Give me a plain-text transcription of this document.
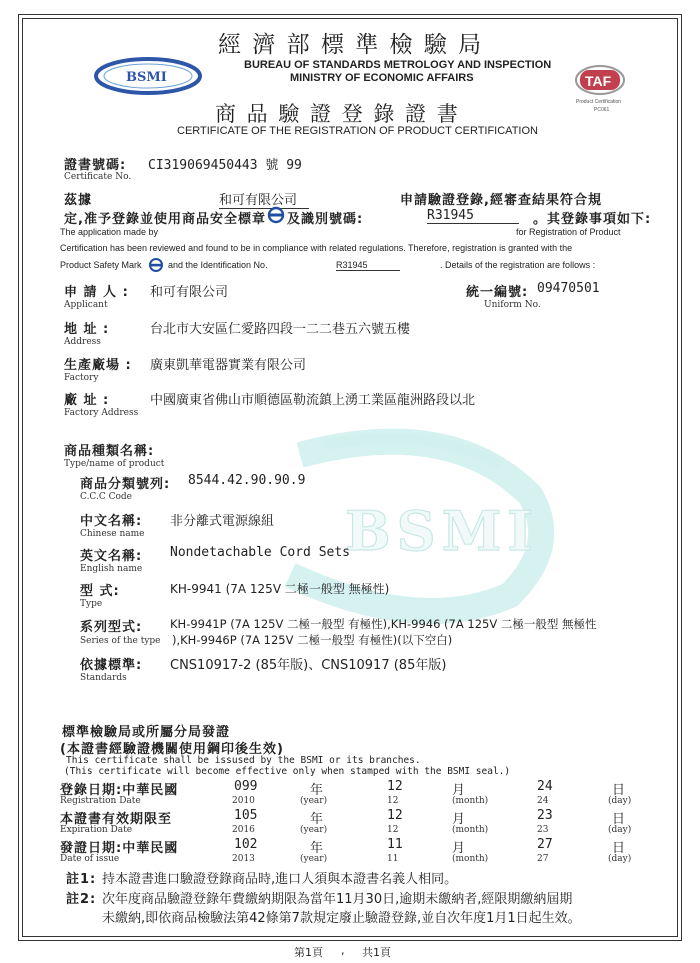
BSMI
經 濟 部 標 準 檢 驗 局
BUREAU OF STANDARDS METROLOGY AND INSPECTION
MINISTRY OF ECONOMIC AFFAIRS
BSMI	TAF
Product Certification
PC061
商 品 驗 證 登 錄 證 書
CERTIFICATE OF THE REGISTRATION OF PRODUCT CERTIFICATION
證書號碼: CI319069450443 號 99
Certificate No.
茲據	和可有限公司	申請驗證登錄,經審查結果符合規
定,准予登錄並使用商品安全標章 及識別號碼:	R31945	。其登錄事項如下:
The application made by	for Registration of Product
Certification has been reviewed and found to be in compliance with related regulations. Therefore, registration is granted with the
Product Safety Mark	and the Identification No.	R31945	. Details of the registration are follows :
申 請 人 : 和可有限公司
Applicant
統一編號: 09470501
Uniform No.
地 址 :	台北市大安區仁愛路四段一二二巷五六號五樓
Address
生產廠場 : 廣東凱華電器實業有限公司
Factory
廠 址 :	中國廣東省佛山市順德區勒流鎮上湧工業區龍洲路段以北
Factory Address
商品種類名稱:
Type/name of product
商品分類號列: 8544.42.90.90.9
C.C.C Code
中文名稱: 非分離式電源線組
Chinese name
英文名稱: Nondetachable Cord Sets
English name
型 式:	KH-9941 (7A 125V 二極一般型 無極性)
Type
系列型式: KH-9941P (7A 125V 二極一般型 有極性),KH-9946 (7A 125V 二極一般型 無極性
Series of the type ),KH-9946P (7A 125V 二極一般型 有極性)(以下空白)
依據標準: CNS10917-2 (85年版)、CNS10917 (85年版)
Standards
標準檢驗局或所屬分局發證
(本證書經驗證機關使用鋼印後生效)
This certificate shall be issused by the BSMI or its branches.
(This certificate will become effective only when stamped with the BSMI seal.)
登錄日期:中華民國	099	年	12	月	24	日
Registration Date	2010	(year)	12	(month)	24	(day)
本證書有效期限至	105	年	12	月	23	日
Expiration Date	2016	(year)	12	(month)	23	(day)
發證日期:中華民國	102	年	11	月	27	日
Date of issue	2013	(year)	11	(month)	27	(day)
註1: 持本證書進口驗證登錄商品時,進口人須與本證書名義人相同。
註2: 次年度商品驗證登錄年費繳納期限為當年11月30日,逾期未繳納者,經限期繳納屆期
未繳納,即依商品檢驗法第42條第7款規定廢止驗證登錄,並自次年度1月1日起生效。
第1頁 , 共1頁
